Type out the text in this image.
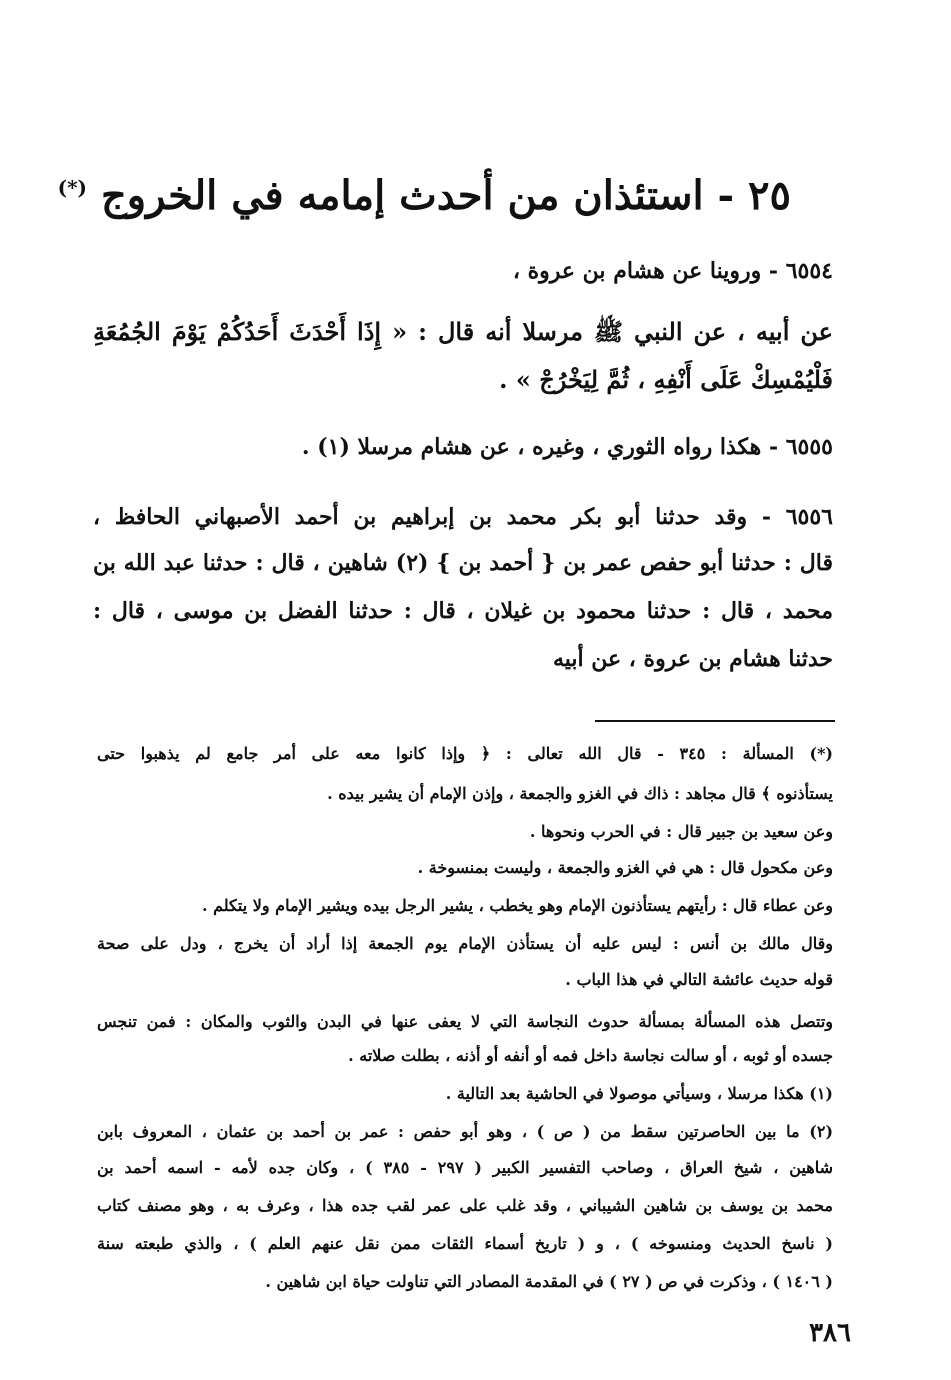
٢٥ - استئذان من أحدث إمامه في الخروج (*)
٦٥٥٤ - وروينا عن هشام بن عروة ،
عن أبيه ، عن النبي ﷺ مرسلا أنه قال : « إِذَا أَحْدَثَ أَحَدُكُمْ يَوْمَ الجُمُعَةِ
فَلْيُمْسِكْ عَلَى أَنْفِهِ ، ثُمَّ لِيَخْرُجْ » .
٦٥٥٥ - هكذا رواه الثوري ، وغيره ، عن هشام مرسلا (١) .
٦٥٥٦ - وقد حدثنا أبو بكر محمد بن إبراهيم بن أحمد الأصبهاني الحافظ ،
قال : حدثنا أبو حفص عمر بن { أحمد بن } (٢) شاهين ، قال : حدثنا عبد الله بن
محمد ، قال : حدثنا محمود بن غيلان ، قال : حدثنا الفضل بن موسى ، قال :
حدثنا هشام بن عروة ، عن أبيه
(*) المسألة : ٣٤٥ - قال الله تعالى : ﴿ وإذا كانوا معه على أمر جامع لم يذهبوا حتى
يستأذنوه ﴾ قال مجاهد : ذاك في الغزو والجمعة ، وإذن الإمام أن يشير بيده .
وعن سعيد بن جبير قال : في الحرب ونحوها .
وعن مكحول قال : هي في الغزو والجمعة ، وليست بمنسوخة .
وعن عطاء قال : رأيتهم يستأذنون الإمام وهو يخطب ، يشير الرجل بيده ويشير الإمام ولا يتكلم .
وقال مالك بن أنس : ليس عليه أن يستأذن الإمام يوم الجمعة إذا أراد أن يخرج ، ودل على صحة
قوله حديث عائشة التالي في هذا الباب .
وتتصل هذه المسألة بمسألة حدوث النجاسة التي لا يعفى عنها في البدن والثوب والمكان : فمن تنجس
جسده أو ثوبه ، أو سالت نجاسة داخل فمه أو أنفه أو أذنه ، بطلت صلاته .
(١) هكذا مرسلا ، وسيأتي موصولا في الحاشية بعد التالية .
(٢) ما بين الحاصرتين سقط من ( ص ) ، وهو أبو حفص : عمر بن أحمد بن عثمان ، المعروف بابن
شاهين ، شيخ العراق ، وصاحب التفسير الكبير ( ٢٩٧ - ٣٨٥ ) ، وكان جده لأمه - اسمه أحمد بن
محمد بن يوسف بن شاهين الشيباني ، وقد غلب على عمر لقب جده هذا ، وعرف به ، وهو مصنف كتاب
( ناسخ الحديث ومنسوخه ) ، و ( تاريخ أسماء الثقات ممن نقل عنهم العلم ) ، والذي طبعته سنة
( ١٤٠٦ ) ، وذكرت في ص ( ٢٧ ) في المقدمة المصادر التي تناولت حياة ابن شاهين .
٣٨٦
